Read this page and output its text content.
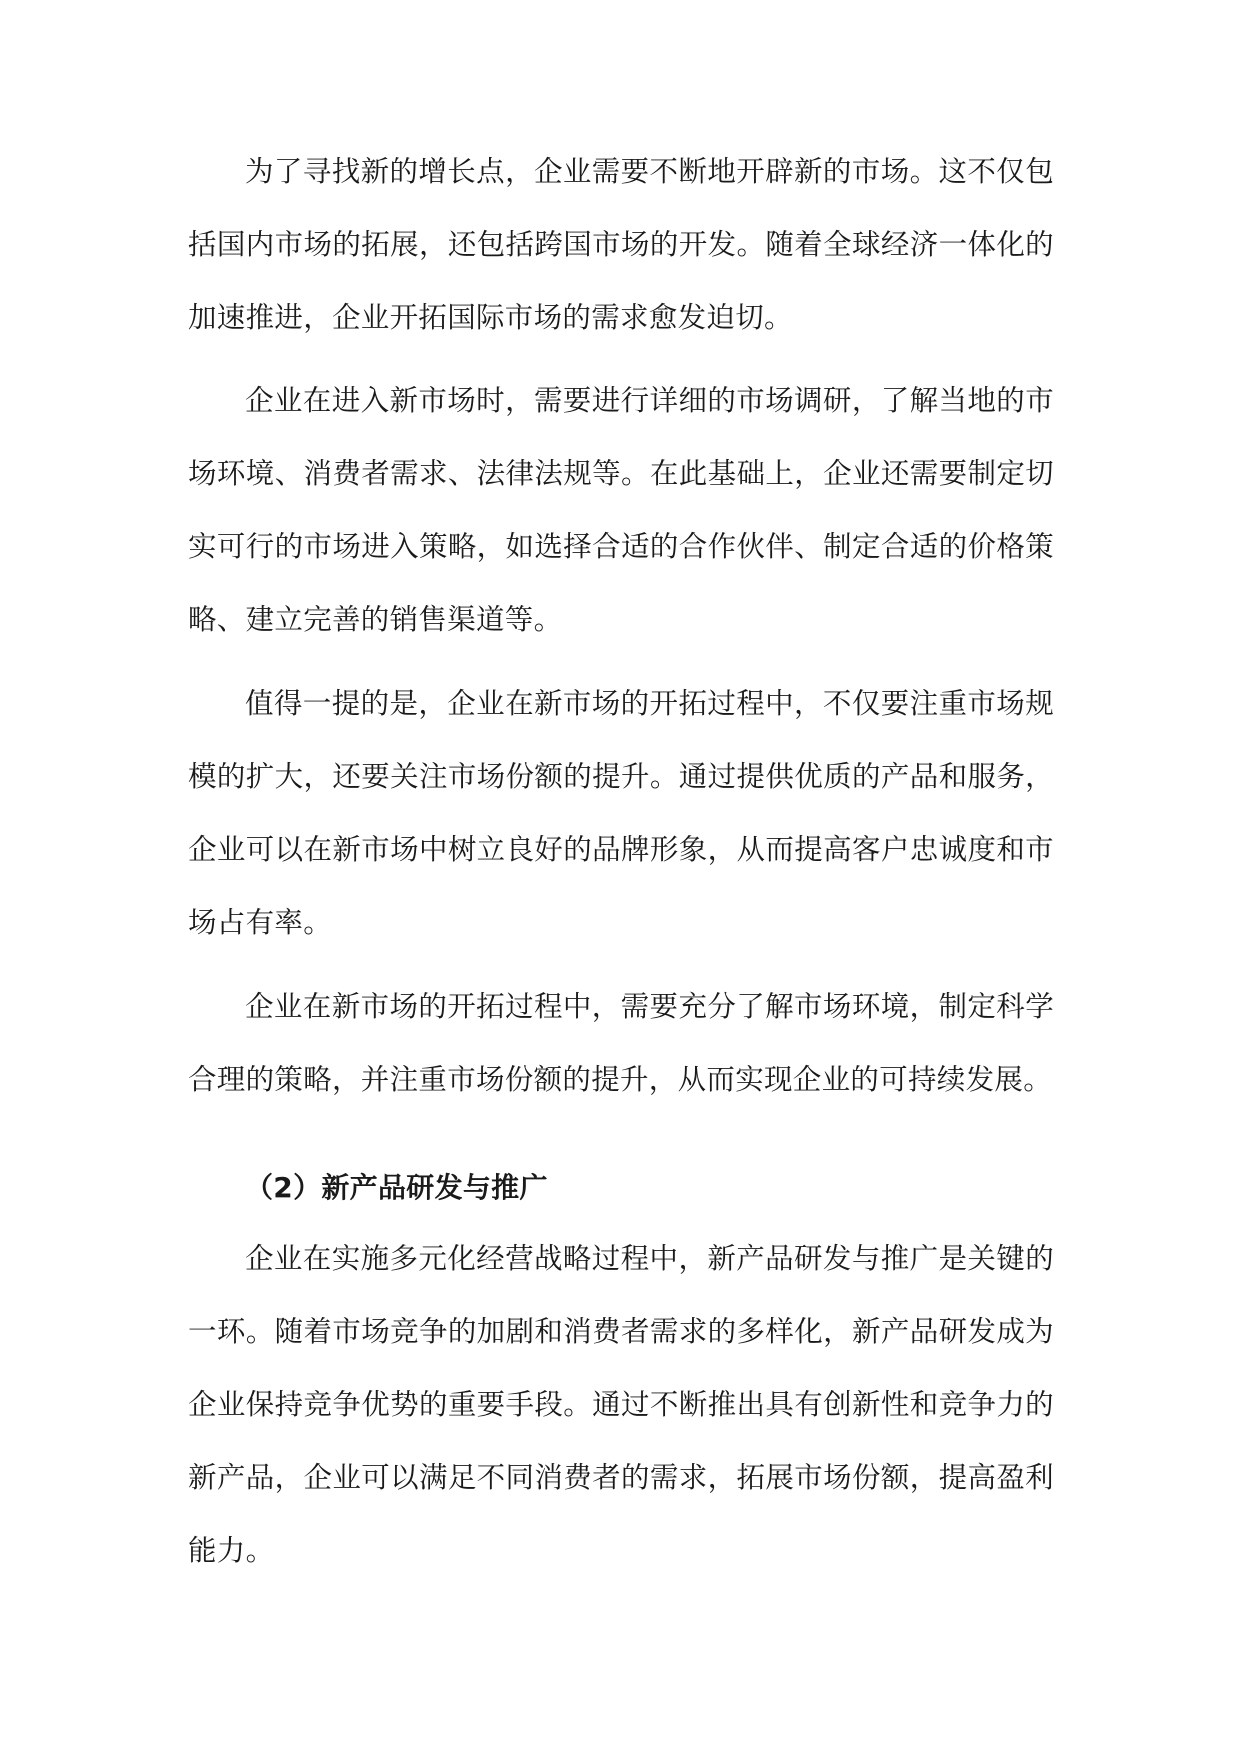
为了寻找新的增长点，企业需要不断地开辟新的市场。这不仅包括国内市场的拓展，还包括跨国市场的开发。随着全球经济一体化的加速推进，企业开拓国际市场的需求愈发迫切。

企业在进入新市场时，需要进行详细的市场调研，了解当地的市场环境、消费者需求、法律法规等。在此基础上，企业还需要制定切实可行的市场进入策略，如选择合适的合作伙伴、制定合适的价格策略、建立完善的销售渠道等。

值得一提的是，企业在新市场的开拓过程中，不仅要注重市场规模的扩大，还要关注市场份额的提升。通过提供优质的产品和服务，企业可以在新市场中树立良好的品牌形象，从而提高客户忠诚度和市场占有率。

企业在新市场的开拓过程中，需要充分了解市场环境，制定科学合理的策略，并注重市场份额的提升，从而实现企业的可持续发展。

（2）新产品研发与推广

企业在实施多元化经营战略过程中，新产品研发与推广是关键的一环。随着市场竞争的加剧和消费者需求的多样化，新产品研发成为企业保持竞争优势的重要手段。通过不断推出具有创新性和竞争力的新产品，企业可以满足不同消费者的需求，拓展市场份额，提高盈利能力。
